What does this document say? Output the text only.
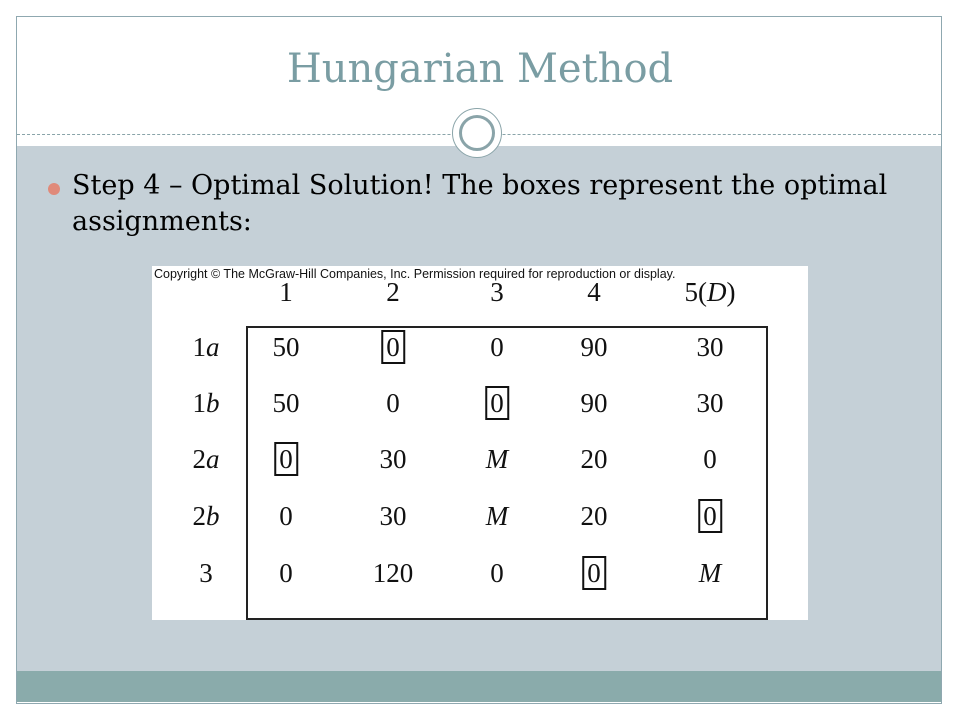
Hungarian Method
Step 4 – Optimal Solution! The boxes represent the optimal assignments:
Copyright © The McGraw-Hill Companies, Inc. Permission required for reproduction or display.
1	2	3	4	5(D)
1a 50	0	0	90	30
1b 50	0	0	90	30
2a 0	30	M	20	0
2b 0	30	M	20	0
3 0	120	0	0	M
